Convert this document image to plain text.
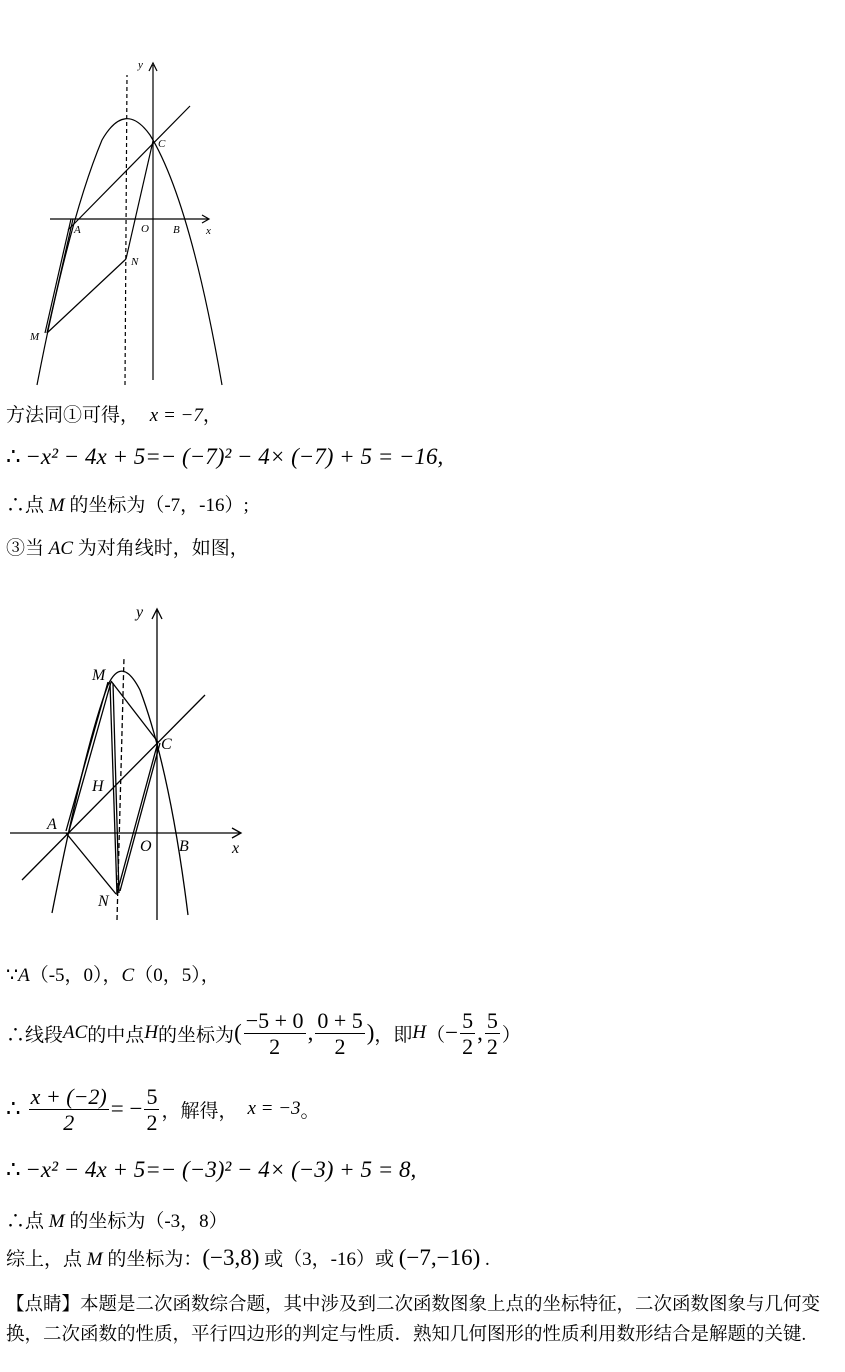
y
C
A	O B x
N
M
方法同①可得， x = −7，
∴ −x² − 4x + 5=− (−7)² − 4× (−7) + 5 = −16,
∴点 M 的坐标为（-7，-16）;
③当 AC 为对角线时，如图，
y
M
C
H
A
O B	x
N
∵A（-5，0），C（0，5），
∴线段 AC 的中点 H 的坐标为 ( $\frac{-5 + 0}{2}$ , $\frac{0 + 5}{2}$ ) ，即 H （ − $\frac{5}{2}$ , $\frac{5}{2}$ ）
∴ $\frac{x + (-2)}{2}$ = − $\frac{5}{2}$ ，解得， x = −3 。
∴ −x² − 4x + 5=− (−3)² − 4× (−3) + 5 = 8,
∴点 M 的坐标为（-3，8）
综上，点 M 的坐标为：(−3,8) 或（3，-16）或 (−7,−16) .
【点睛】本题是二次函数综合题，其中涉及到二次函数图象上点的坐标特征，二次函数图象与几何变换，二次函数的性质，平行四边形的判定与性质．熟知几何图形的性质利用数形结合是解题的关键.
